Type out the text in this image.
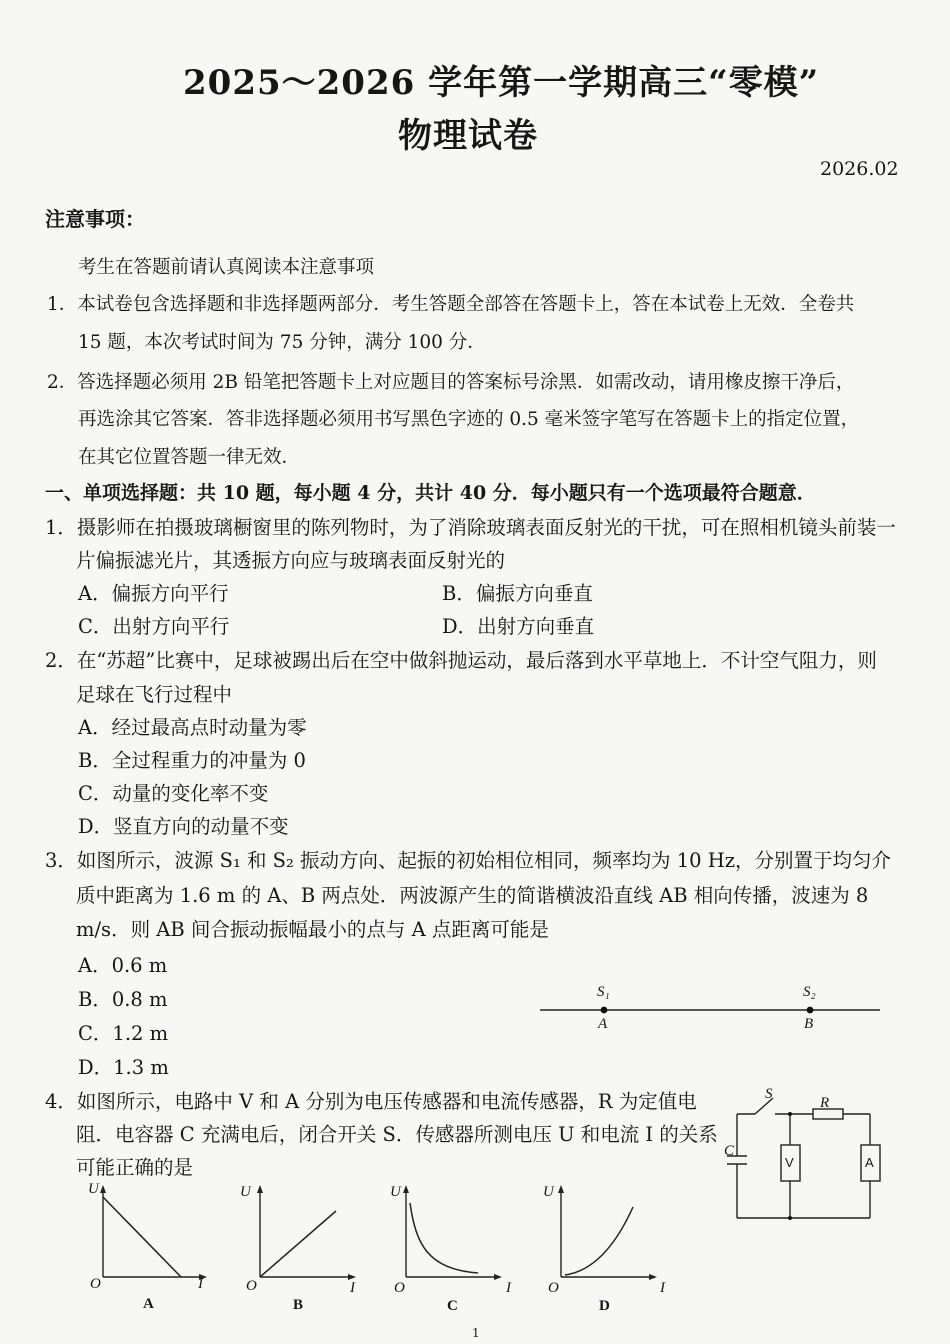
2025～2026 学年第一学期高三“零模”
物理试卷
2026.02
注意事项：
考生在答题前请认真阅读本注意事项
1．本试卷包含选择题和非选择题两部分．考生答题全部答在答题卡上，答在本试卷上无效．全卷共
15 题，本次考试时间为 75 分钟，满分 100 分．
2．答选择题必须用 2B 铅笔把答题卡上对应题目的答案标号涂黑．如需改动，请用橡皮擦干净后，
再选涂其它答案．答非选择题必须用书写黑色字迹的 0.5 毫米签字笔写在答题卡上的指定位置，
在其它位置答题一律无效．
一、单项选择题：共 10 题，每小题 4 分，共计 40 分．每小题只有一个选项最符合题意．
1．摄影师在拍摄玻璃橱窗里的陈列物时，为了消除玻璃表面反射光的干扰，可在照相机镜头前装一
片偏振滤光片，其透振方向应与玻璃表面反射光的
A．偏振方向平行	B．偏振方向垂直
C．出射方向平行	D．出射方向垂直
2．在“苏超”比赛中，足球被踢出后在空中做斜抛运动，最后落到水平草地上．不计空气阻力，则
足球在飞行过程中
A．经过最高点时动量为零
B．全过程重力的冲量为 0
C．动量的变化率不变
D．竖直方向的动量不变
3．如图所示，波源 S₁ 和 S₂ 振动方向、起振的初始相位相同，频率均为 10 Hz，分别置于均匀介
质中距离为 1.6 m 的 A、B 两点处．两波源产生的简谐横波沿直线 AB 相向传播，波速为 8
m/s．则 AB 间合振动振幅最小的点与 A 点距离可能是
A．0.6 m
B．0.8 m
C．1.2 m
D．1.3 m
S₁	S₂
A	B
4．如图所示，电路中 V 和 A 分别为电压传感器和电流传感器，R 为定值电
阻．电容器 C 充满电后，闭合开关 S．传感器所测电压 U 和电流 I 的关系
可能正确的是
S
R
C
V	A
U
O	I
A
U
O	I
B
U
O	I
C
U
O	I
D
1
